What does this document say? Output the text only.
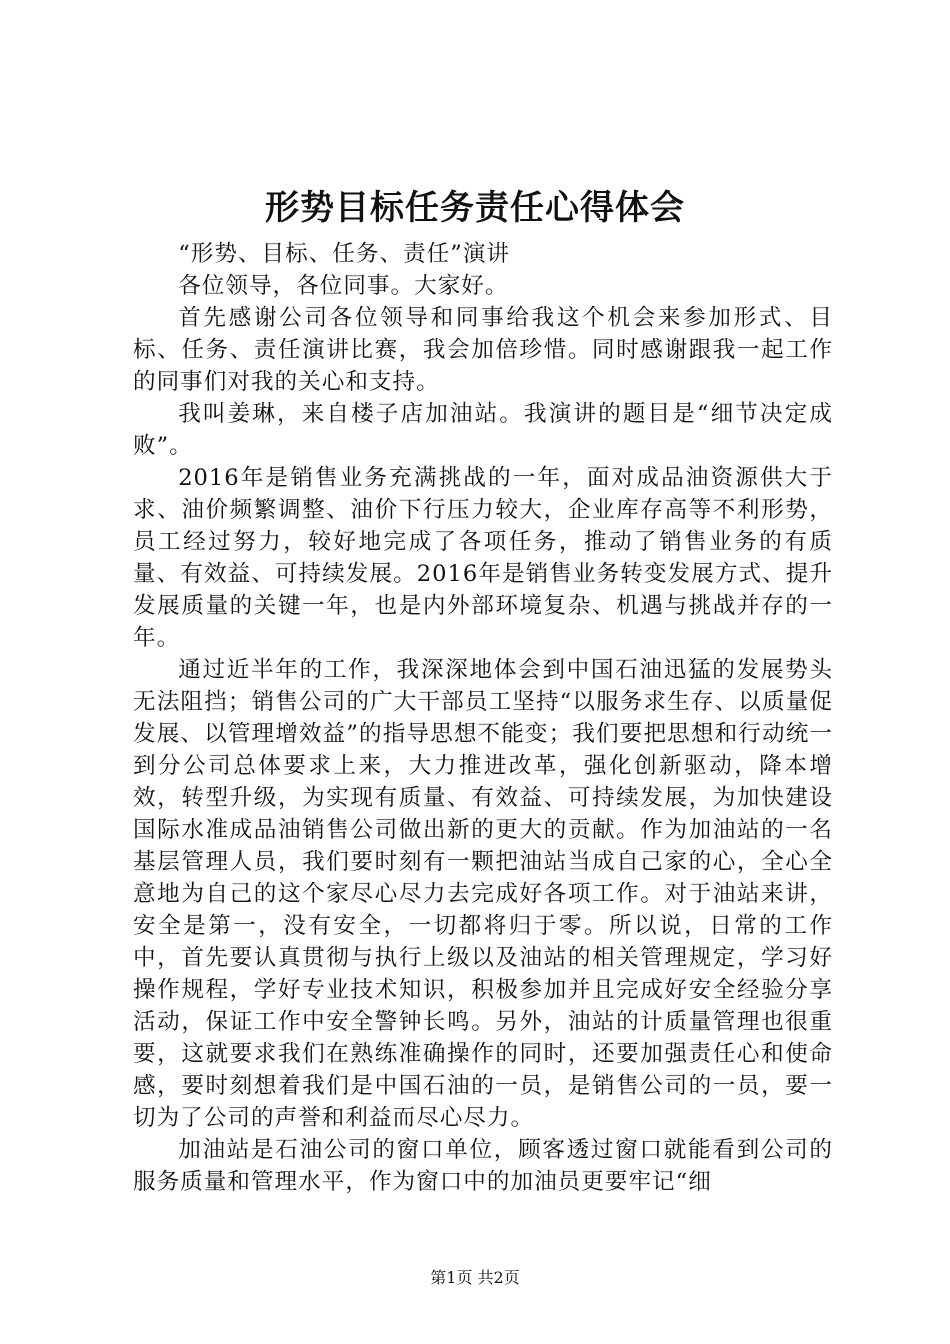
形势目标任务责任心得体会

“形势、目标、任务、责任”演讲

各位领导，各位同事。大家好。

首先感谢公司各位领导和同事给我这个机会来参加形式、目标、任务、责任演讲比赛，我会加倍珍惜。同时感谢跟我一起工作的同事们对我的关心和支持。

我叫姜琳，来自楼子店加油站。我演讲的题目是“细节决定成败”。

2016年是销售业务充满挑战的一年，面对成品油资源供大于求、油价频繁调整、油价下行压力较大，企业库存高等不利形势，员工经过努力，较好地完成了各项任务，推动了销售业务的有质量、有效益、可持续发展。2016年是销售业务转变发展方式、提升发展质量的关键一年，也是内外部环境复杂、机遇与挑战并存的一年。

通过近半年的工作，我深深地体会到中国石油迅猛的发展势头无法阻挡；销售公司的广大干部员工坚持“以服务求生存、以质量促发展、以管理增效益”的指导思想不能变；我们要把思想和行动统一到分公司总体要求上来，大力推进改革，强化创新驱动，降本增效，转型升级，为实现有质量、有效益、可持续发展，为加快建设国际水准成品油销售公司做出新的更大的贡献。作为加油站的一名基层管理人员，我们要时刻有一颗把油站当成自己家的心，全心全意地为自己的这个家尽心尽力去完成好各项工作。对于油站来讲，安全是第一，没有安全，一切都将归于零。所以说，日常的工作中，首先要认真贯彻与执行上级以及油站的相关管理规定，学习好操作规程，学好专业技术知识，积极参加并且完成好安全经验分享活动，保证工作中安全警钟长鸣。另外，油站的计质量管理也很重要，这就要求我们在熟练准确操作的同时，还要加强责任心和使命感，要时刻想着我们是中国石油的一员，是销售公司的一员，要一切为了公司的声誉和利益而尽心尽力。

加油站是石油公司的窗口单位，顾客透过窗口就能看到公司的服务质量和管理水平，作为窗口中的加油员更要牢记“细

第1页 共2页
